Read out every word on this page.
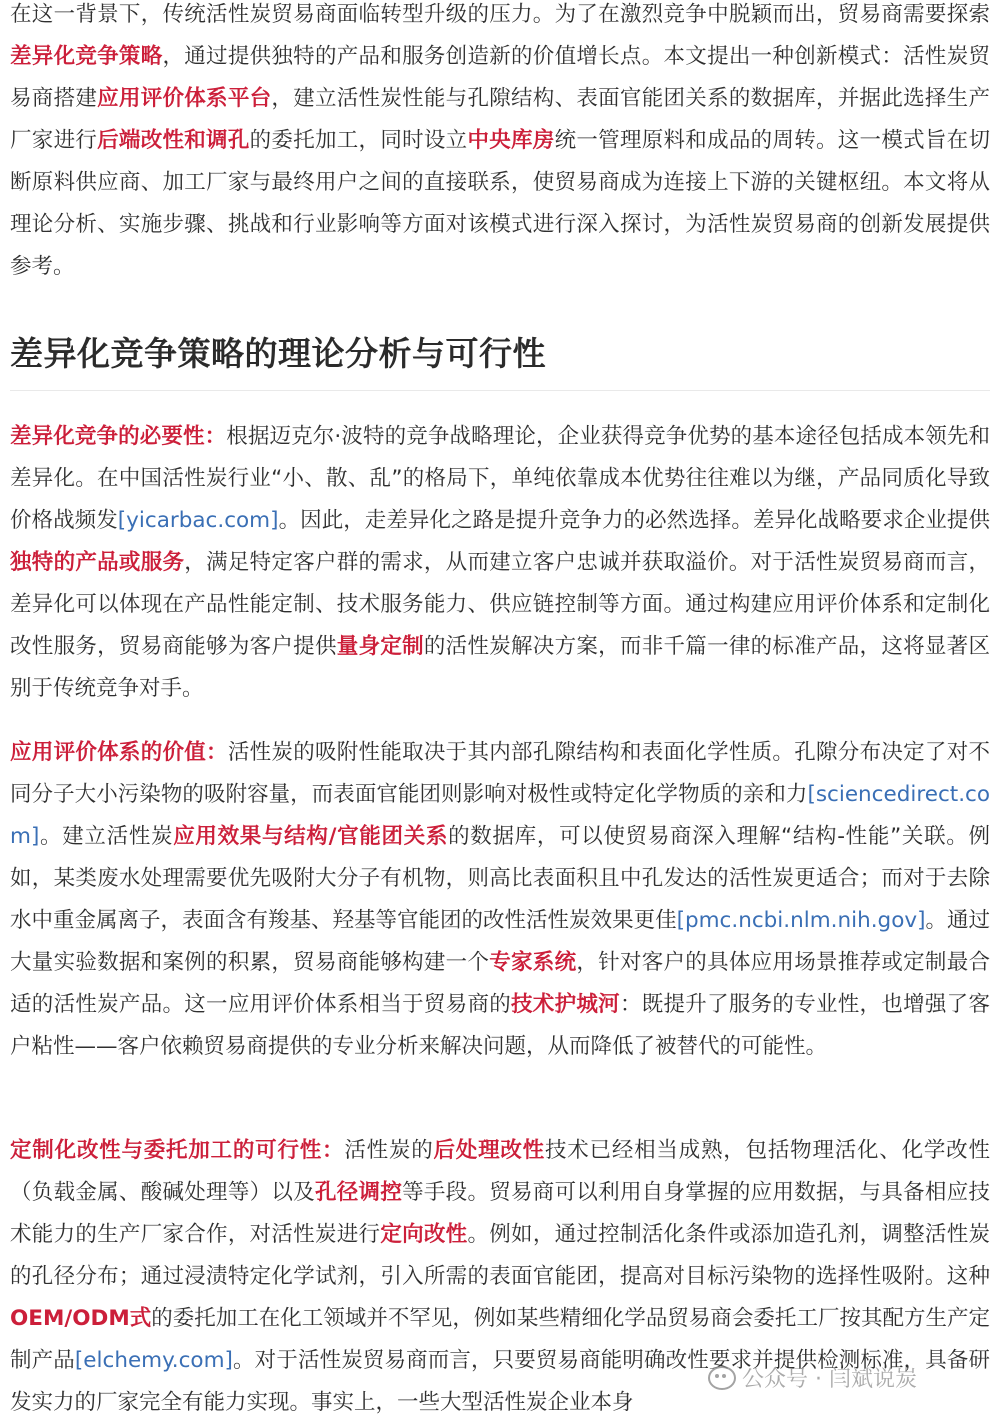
在这一背景下，传统活性炭贸易商面临转型升级的压力。为了在激烈竞争中脱颖而出，贸易商需要探索差异化竞争策略，通过提供独特的产品和服务创造新的价值增长点。本文提出一种创新模式：活性炭贸易商搭建应用评价体系平台，建立活性炭性能与孔隙结构、表面官能团关系的数据库，并据此选择生产厂家进行后端改性和调孔的委托加工，同时设立中央库房统一管理原料和成品的周转。这一模式旨在切断原料供应商、加工厂家与最终用户之间的直接联系，使贸易商成为连接上下游的关键枢纽。本文将从理论分析、实施步骤、挑战和行业影响等方面对该模式进行深入探讨，为活性炭贸易商的创新发展提供参考。

差异化竞争策略的理论分析与可行性

差异化竞争的必要性：根据迈克尔·波特的竞争战略理论，企业获得竞争优势的基本途径包括成本领先和差异化。在中国活性炭行业“小、散、乱”的格局下，单纯依靠成本优势往往难以为继，产品同质化导致价格战频发[yicarbac.com]。因此，走差异化之路是提升竞争力的必然选择。差异化战略要求企业提供独特的产品或服务，满足特定客户群的需求，从而建立客户忠诚并获取溢价。对于活性炭贸易商而言，差异化可以体现在产品性能定制、技术服务能力、供应链控制等方面。通过构建应用评价体系和定制化改性服务，贸易商能够为客户提供量身定制的活性炭解决方案，而非千篇一律的标准产品，这将显著区别于传统竞争对手。

应用评价体系的价值：活性炭的吸附性能取决于其内部孔隙结构和表面化学性质。孔隙分布决定了对不同分子大小污染物的吸附容量，而表面官能团则影响对极性或特定化学物质的亲和力[sciencedirect.com]。建立活性炭应用效果与结构/官能团关系的数据库，可以使贸易商深入理解“结构-性能”关联。例如，某类废水处理需要优先吸附大分子有机物，则高比表面积且中孔发达的活性炭更适合；而对于去除水中重金属离子，表面含有羧基、羟基等官能团的改性活性炭效果更佳[pmc.ncbi.nlm.nih.gov]。通过大量实验数据和案例的积累，贸易商能够构建一个专家系统，针对客户的具体应用场景推荐或定制最合适的活性炭产品。这一应用评价体系相当于贸易商的技术护城河：既提升了服务的专业性，也增强了客户粘性——客户依赖贸易商提供的专业分析来解决问题，从而降低了被替代的可能性。

定制化改性与委托加工的可行性：活性炭的后处理改性技术已经相当成熟，包括物理活化、化学改性（负载金属、酸碱处理等）以及孔径调控等手段。贸易商可以利用自身掌握的应用数据，与具备相应技术能力的生产厂家合作，对活性炭进行定向改性。例如，通过控制活化条件或添加造孔剂，调整活性炭的孔径分布；通过浸渍特定化学试剂，引入所需的表面官能团，提高对目标污染物的选择性吸附。这种OEM/ODM式的委托加工在化工领域并不罕见，例如某些精细化学品贸易商会委托工厂按其配方生产定制产品[elchemy.com]。对于活性炭贸易商而言，只要贸易商能明确改性要求并提供检测标准，具备研发实力的厂家完全有能力实现。事实上，一些大型活性炭企业本身

公众号 · 闫斌说炭
